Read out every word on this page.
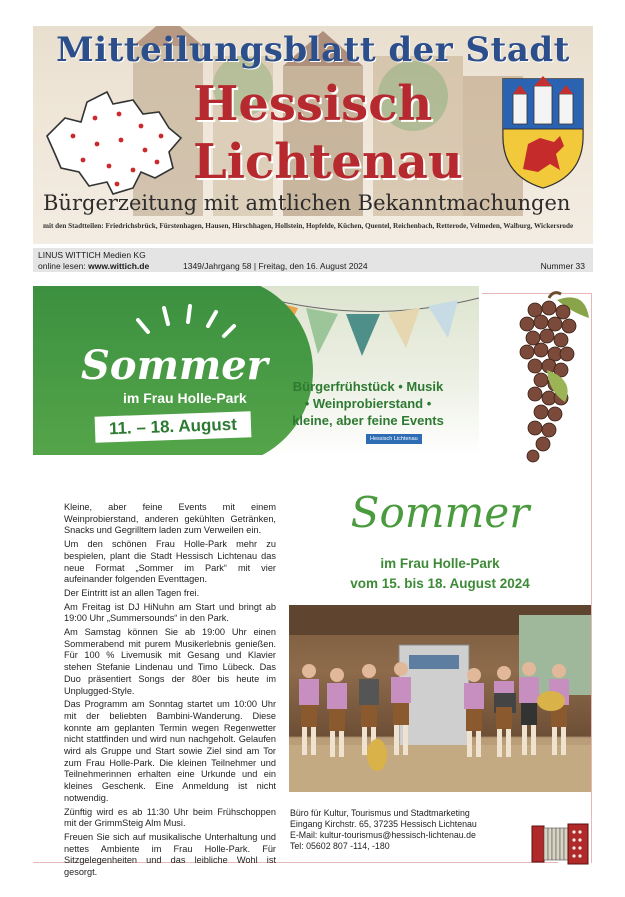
Mitteilungsblatt der Stadt
Hessisch
Lichtenau
Bürgerzeitung mit amtlichen Bekanntmachungen
mit den Stadtteilen: Friedrichsbrück, Fürstenhagen, Hausen, Hirschhagen, Hollstein, Hopfelde, Küchen, Quentel, Reichenbach, Retterode, Velmeden, Walburg, Wickersrode
LINUS WITTICH Medien KG
online lesen: www.wittich.de	1349/Jahrgang 58 | Freitag, den 16. August 2024	Nummer 33
Sommer
im Frau Holle-Park
11. – 18. August
Bürgerfrühstück • Musik
• Weinprobierstand •
kleine, aber feine Events
Hessisch Lichtenau

Kleine, aber feine Events mit einem Weinprobierstand, anderen gekühlten Getränken, Snacks und Gegrilltem laden zum Verweilen ein.

Um den schönen Frau Holle-Park mehr zu bespielen, plant die Stadt Hessisch Lichtenau das neue Format „Sommer im Park“ mit vier aufeinander folgenden Eventtagen.

Der Eintritt ist an allen Tagen frei.

Am Freitag ist DJ HiNuhn am Start und bringt ab 19:00 Uhr „Summersounds“ in den Park.

Am Samstag können Sie ab 19:00 Uhr einen Sommerabend mit purem Musikerlebnis genießen. Für 100 % Livemusik mit Gesang und Klavier stehen Stefanie Lindenau und Timo Lübeck. Das Duo präsentiert Songs der 80er bis heute im Unplugged-Style.

Das Programm am Sonntag startet um 10:00 Uhr mit der beliebten Bambini-Wanderung. Diese konnte am geplanten Termin wegen Regenwetter nicht stattfinden und wird nun nachgeholt. Gelaufen wird als Gruppe und Start sowie Ziel sind am Tor zum Frau Holle-Park. Die kleinen Teilnehmer und Teilnehmerinnen erhalten eine Urkunde und ein kleines Geschenk. Eine Anmeldung ist nicht notwendig.

Zünftig wird es ab 11:30 Uhr beim Frühschoppen mit der GrimmSteig Alm Musi.

Freuen Sie sich auf musikalische Unterhaltung und nettes Ambiente im Frau Holle-Park. Für Sitzgelegenheiten und das leibliche Wohl ist gesorgt.

Sommer
im Frau Holle-Park
vom 15. bis 18. August 2024
Büro für Kultur, Tourismus und Stadtmarketing
Eingang Kirchstr. 65, 37235 Hessisch Lichtenau
E-Mail: kultur-tourismus@hessisch-lichtenau.de
Tel: 05602 807 -114, -180
